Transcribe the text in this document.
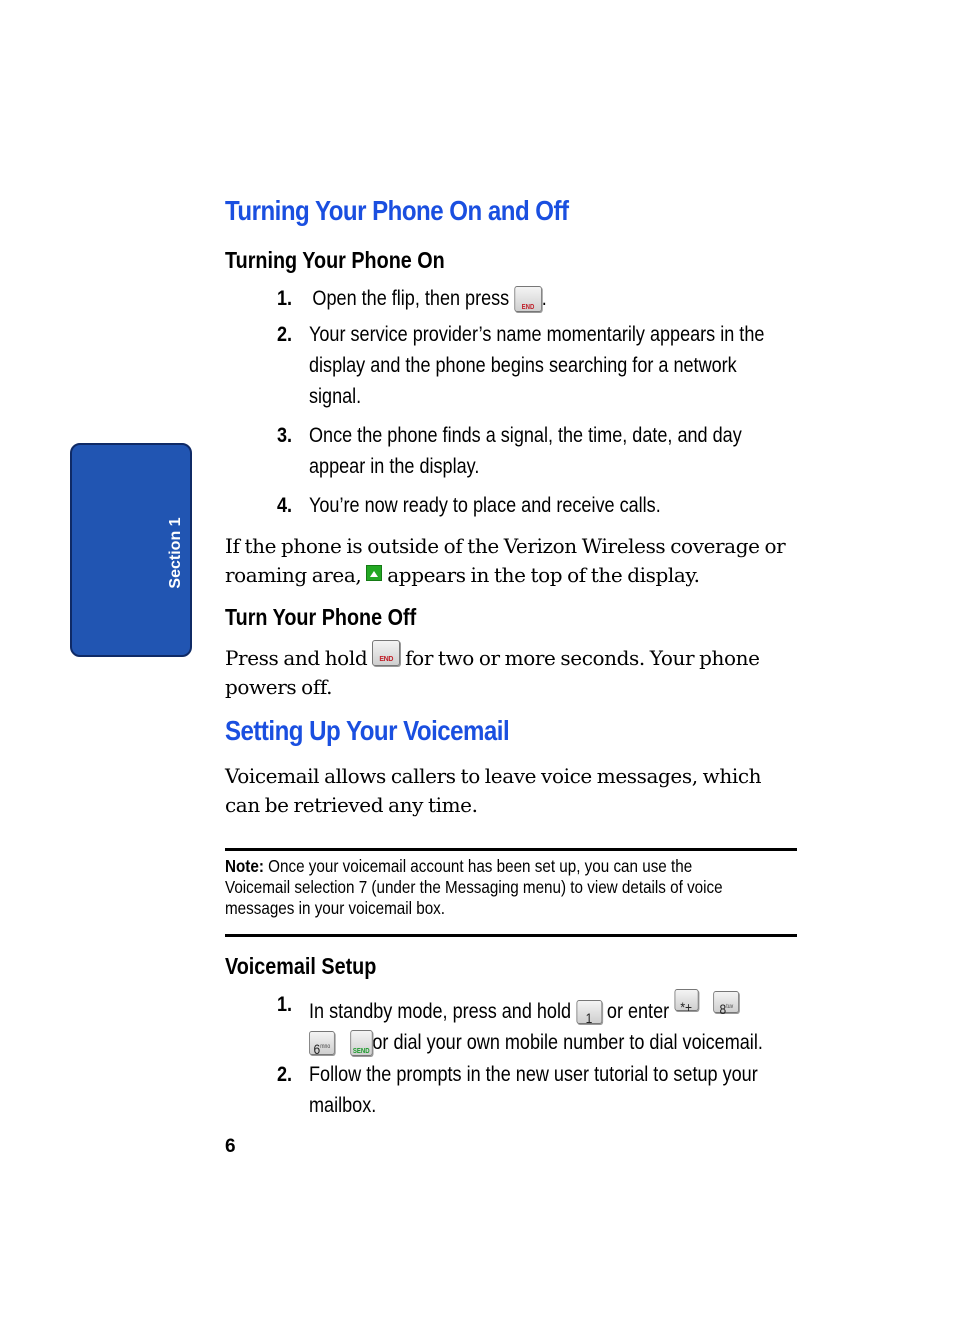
Section 1
Turning Your Phone On and Off
Turning Your Phone On
1. Open the flip, then press END .
2. Your service provider’s name momentarily appears in the
display and the phone begins searching for a network
signal.
3. Once the phone finds a signal, the time, date, and day
appear in the display.
4. You’re now ready to place and receive calls.
If the phone is outside of the Verizon Wireless coverage or
roaming area, appears in the top of the display.
Turn Your Phone Off
Press and hold END for two or more seconds. Your phone
powers off.
Setting Up Your Voicemail
Voicemail allows callers to leave voice messages, which
can be retrieved any time.
Note: Once your voicemail account has been set up, you can use the
Voicemail selection 7 (under the Messaging menu) to view details of voice
messages in your voicemail box.
Voicemail Setup
1. In standby mode, press and hold 1 or enter *+ $8^{tuv}$
$6^{mno}$  SEND or dial your own mobile number to dial voicemail.
2. Follow the prompts in the new user tutorial to setup your
mailbox.
6
